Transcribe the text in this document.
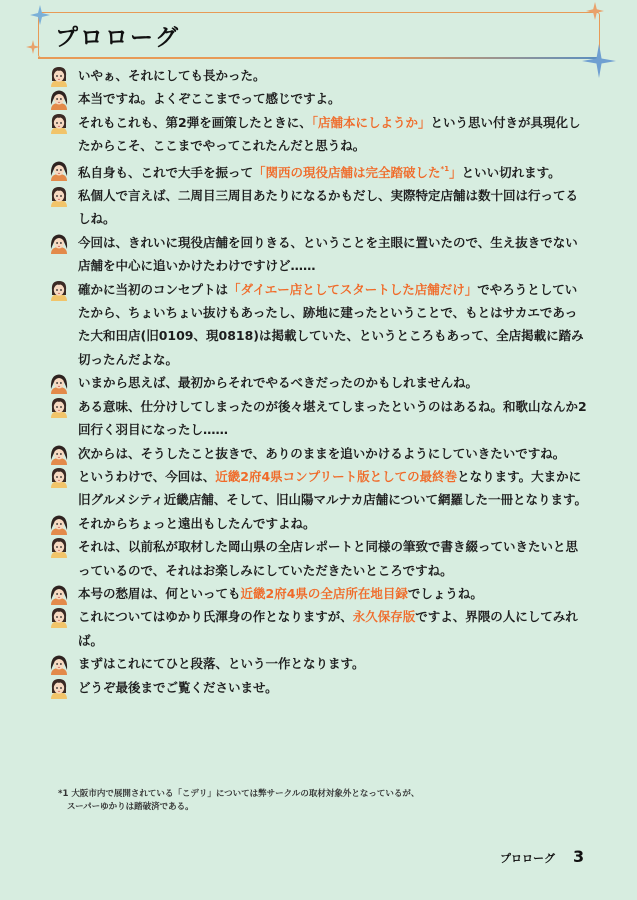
プロローグ
いやぁ、それにしても長かった。
本当ですね。よくぞここまでって感じですよ。
それもこれも、第2弾を画策したときに、「店舗本にしようか」という思い付きが具現化したからこそ、ここまでやってこれたんだと思うね。
私自身も、これで大手を振って「関西の現役店舗は完全踏破した$^{*1}$」といい切れます。
私個人で言えば、二周目三周目あたりになるかもだし、実際特定店舗は数十回は行ってるしね。
今回は、きれいに現役店舗を回りきる、ということを主眼に置いたので、生え抜きでない店舗を中心に追いかけたわけですけど……
確かに当初のコンセプトは「ダイエー店としてスタートした店舗だけ」でやろうとしていたから、ちょいちょい抜けもあったし、跡地に建ったということで、もとはサカエであった大和田店(旧0109、現0818)は掲載していた、というところもあって、全店掲載に踏み切ったんだよな。
いまから思えば、最初からそれでやるべきだったのかもしれませんね。
ある意味、仕分けしてしまったのが後々堪えてしまったというのはあるね。和歌山なんか2回行く羽目になったし……
次からは、そうしたこと抜きで、ありのままを追いかけるようにしていきたいですね。
というわけで、今回は、近畿2府4県コンプリート版としての最終巻となります。大まかに旧グルメシティ近畿店舗、そして、旧山陽マルナカ店舗について網羅した一冊となります。
それからちょっと遠出もしたんですよね。
それは、以前私が取材した岡山県の全店レポートと同様の筆致で書き綴っていきたいと思っているので、それはお楽しみにしていただきたいところですね。
本号の愁眉は、何といっても近畿2府4県の全店所在地目録でしょうね。
これについてはゆかり氏渾身の作となりますが、永久保存版ですよ、界隈の人にしてみれば。
まずはこれにてひと段落、という一作となります。
どうぞ最後までご覧くださいませ。
*1 大阪市内で展開されている「こデリ」については弊サークルの取材対象外となっているが、
スーパーゆかりは踏破済である。
プロローグ 3
